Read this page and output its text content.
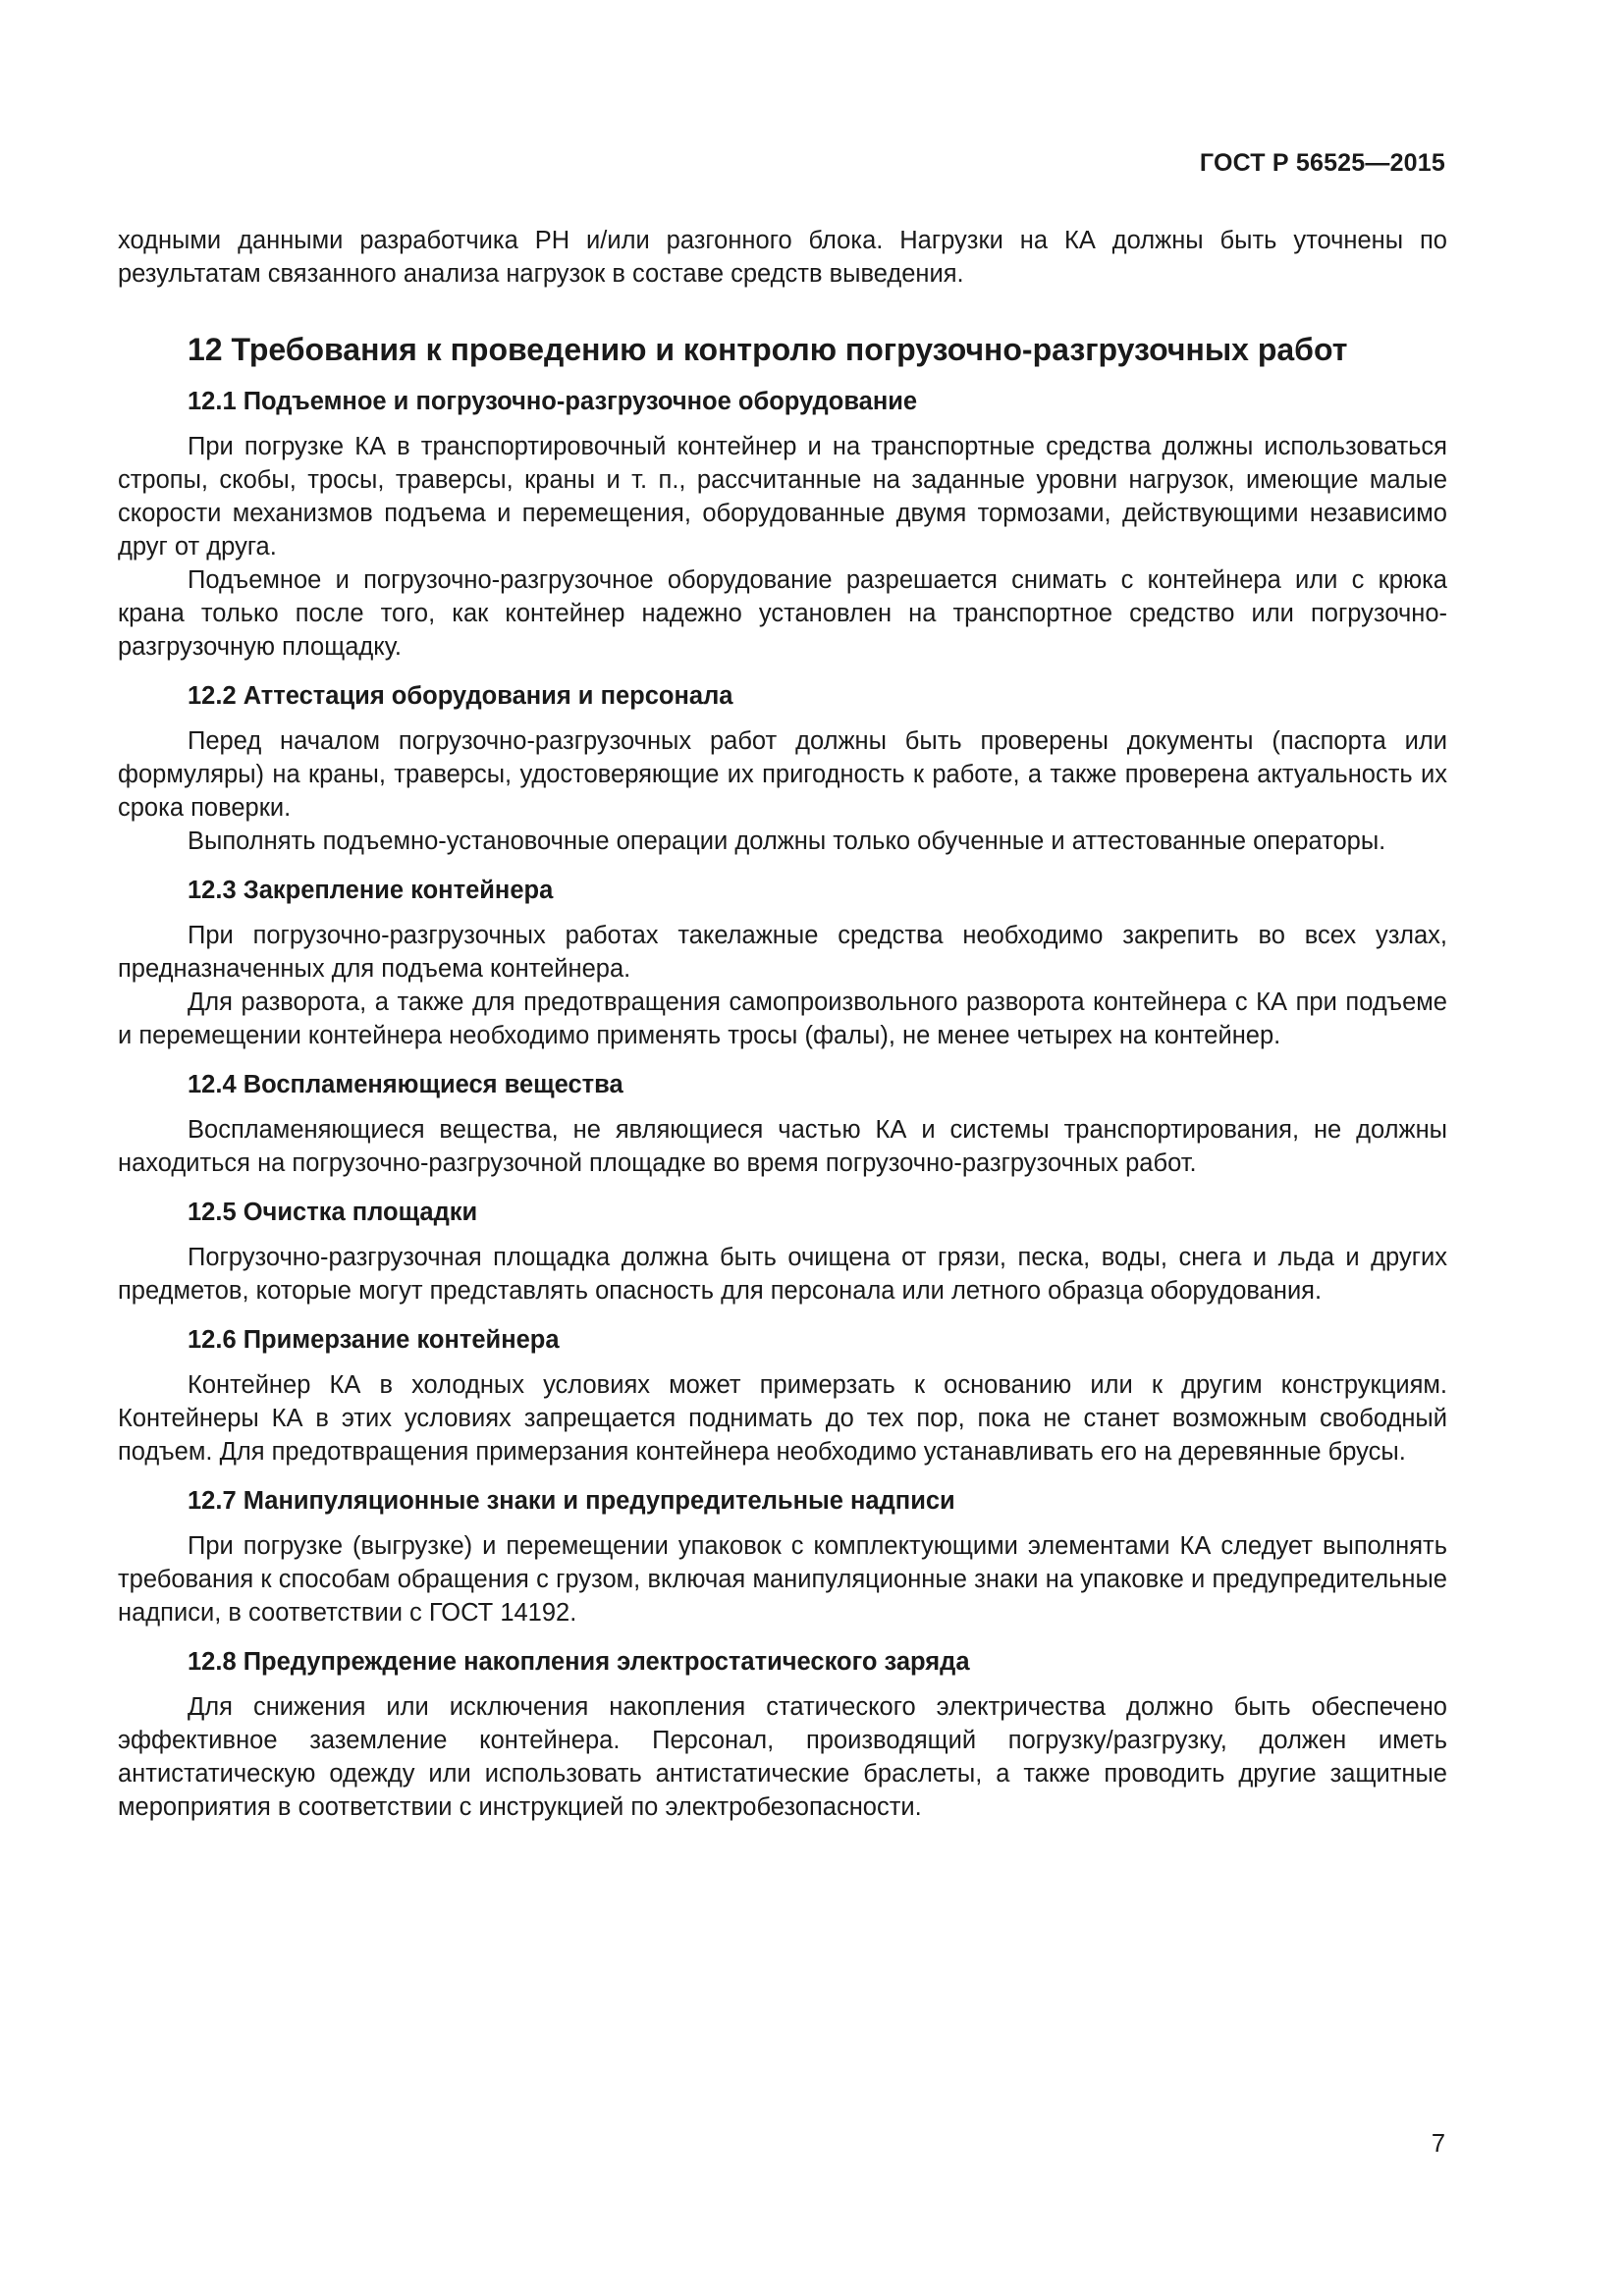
ГОСТ Р 56525—2015

ходными данными разработчика РН и/или разгонного блока. Нагрузки на КА должны быть уточнены по результатам связанного анализа нагрузок в составе средств выведения.

12 Требования к проведению и контролю погрузочно-разгрузочных работ
12.1 Подъемное и погрузочно-разгрузочное оборудование

При погрузке КА в транспортировочный контейнер и на транспортные средства должны использоваться стропы, скобы, тросы, траверсы, краны и т. п., рассчитанные на заданные уровни нагрузок, имеющие малые скорости механизмов подъема и перемещения, оборудованные двумя тормозами, действующими независимо друг от друга.

Подъемное и погрузочно-разгрузочное оборудование разрешается снимать с контейнера или с крюка крана только после того, как контейнер надежно установлен на транспортное средство или погрузочно-разгрузочную площадку.

12.2 Аттестация оборудования и персонала

Перед началом погрузочно-разгрузочных работ должны быть проверены документы (паспорта или формуляры) на краны, траверсы, удостоверяющие их пригодность к работе, а также проверена актуальность их срока поверки.

Выполнять подъемно-установочные операции должны только обученные и аттестованные операторы.

12.3 Закрепление контейнера

При погрузочно-разгрузочных работах такелажные средства необходимо закрепить во всех узлах, предназначенных для подъема контейнера.

Для разворота, а также для предотвращения самопроизвольного разворота контейнера с КА при подъеме и перемещении контейнера необходимо применять тросы (фалы), не менее четырех на контейнер.

12.4 Воспламеняющиеся вещества

Воспламеняющиеся вещества, не являющиеся частью КА и системы транспортирования, не должны находиться на погрузочно-разгрузочной площадке во время погрузочно-разгрузочных работ.

12.5 Очистка площадки

Погрузочно-разгрузочная площадка должна быть очищена от грязи, песка, воды, снега и льда и других предметов, которые могут представлять опасность для персонала или летного образца оборудования.

12.6 Примерзание контейнера

Контейнер КА в холодных условиях может примерзать к основанию или к другим конструкциям. Контейнеры КА в этих условиях запрещается поднимать до тех пор, пока не станет возможным свободный подъем. Для предотвращения примерзания контейнера необходимо устанавливать его на деревянные брусы.

12.7 Манипуляционные знаки и предупредительные надписи

При погрузке (выгрузке) и перемещении упаковок с комплектующими элементами КА следует выполнять требования к способам обращения с грузом, включая манипуляционные знаки на упаковке и предупредительные надписи, в соответствии с ГОСТ 14192.

12.8 Предупреждение накопления электростатического заряда

Для снижения или исключения накопления статического электричества должно быть обеспечено эффективное заземление контейнера. Персонал, производящий погрузку/разгрузку, должен иметь антистатическую одежду или использовать антистатические браслеты, а также проводить другие защитные мероприятия в соответствии с инструкцией по электробезопасности.

7
